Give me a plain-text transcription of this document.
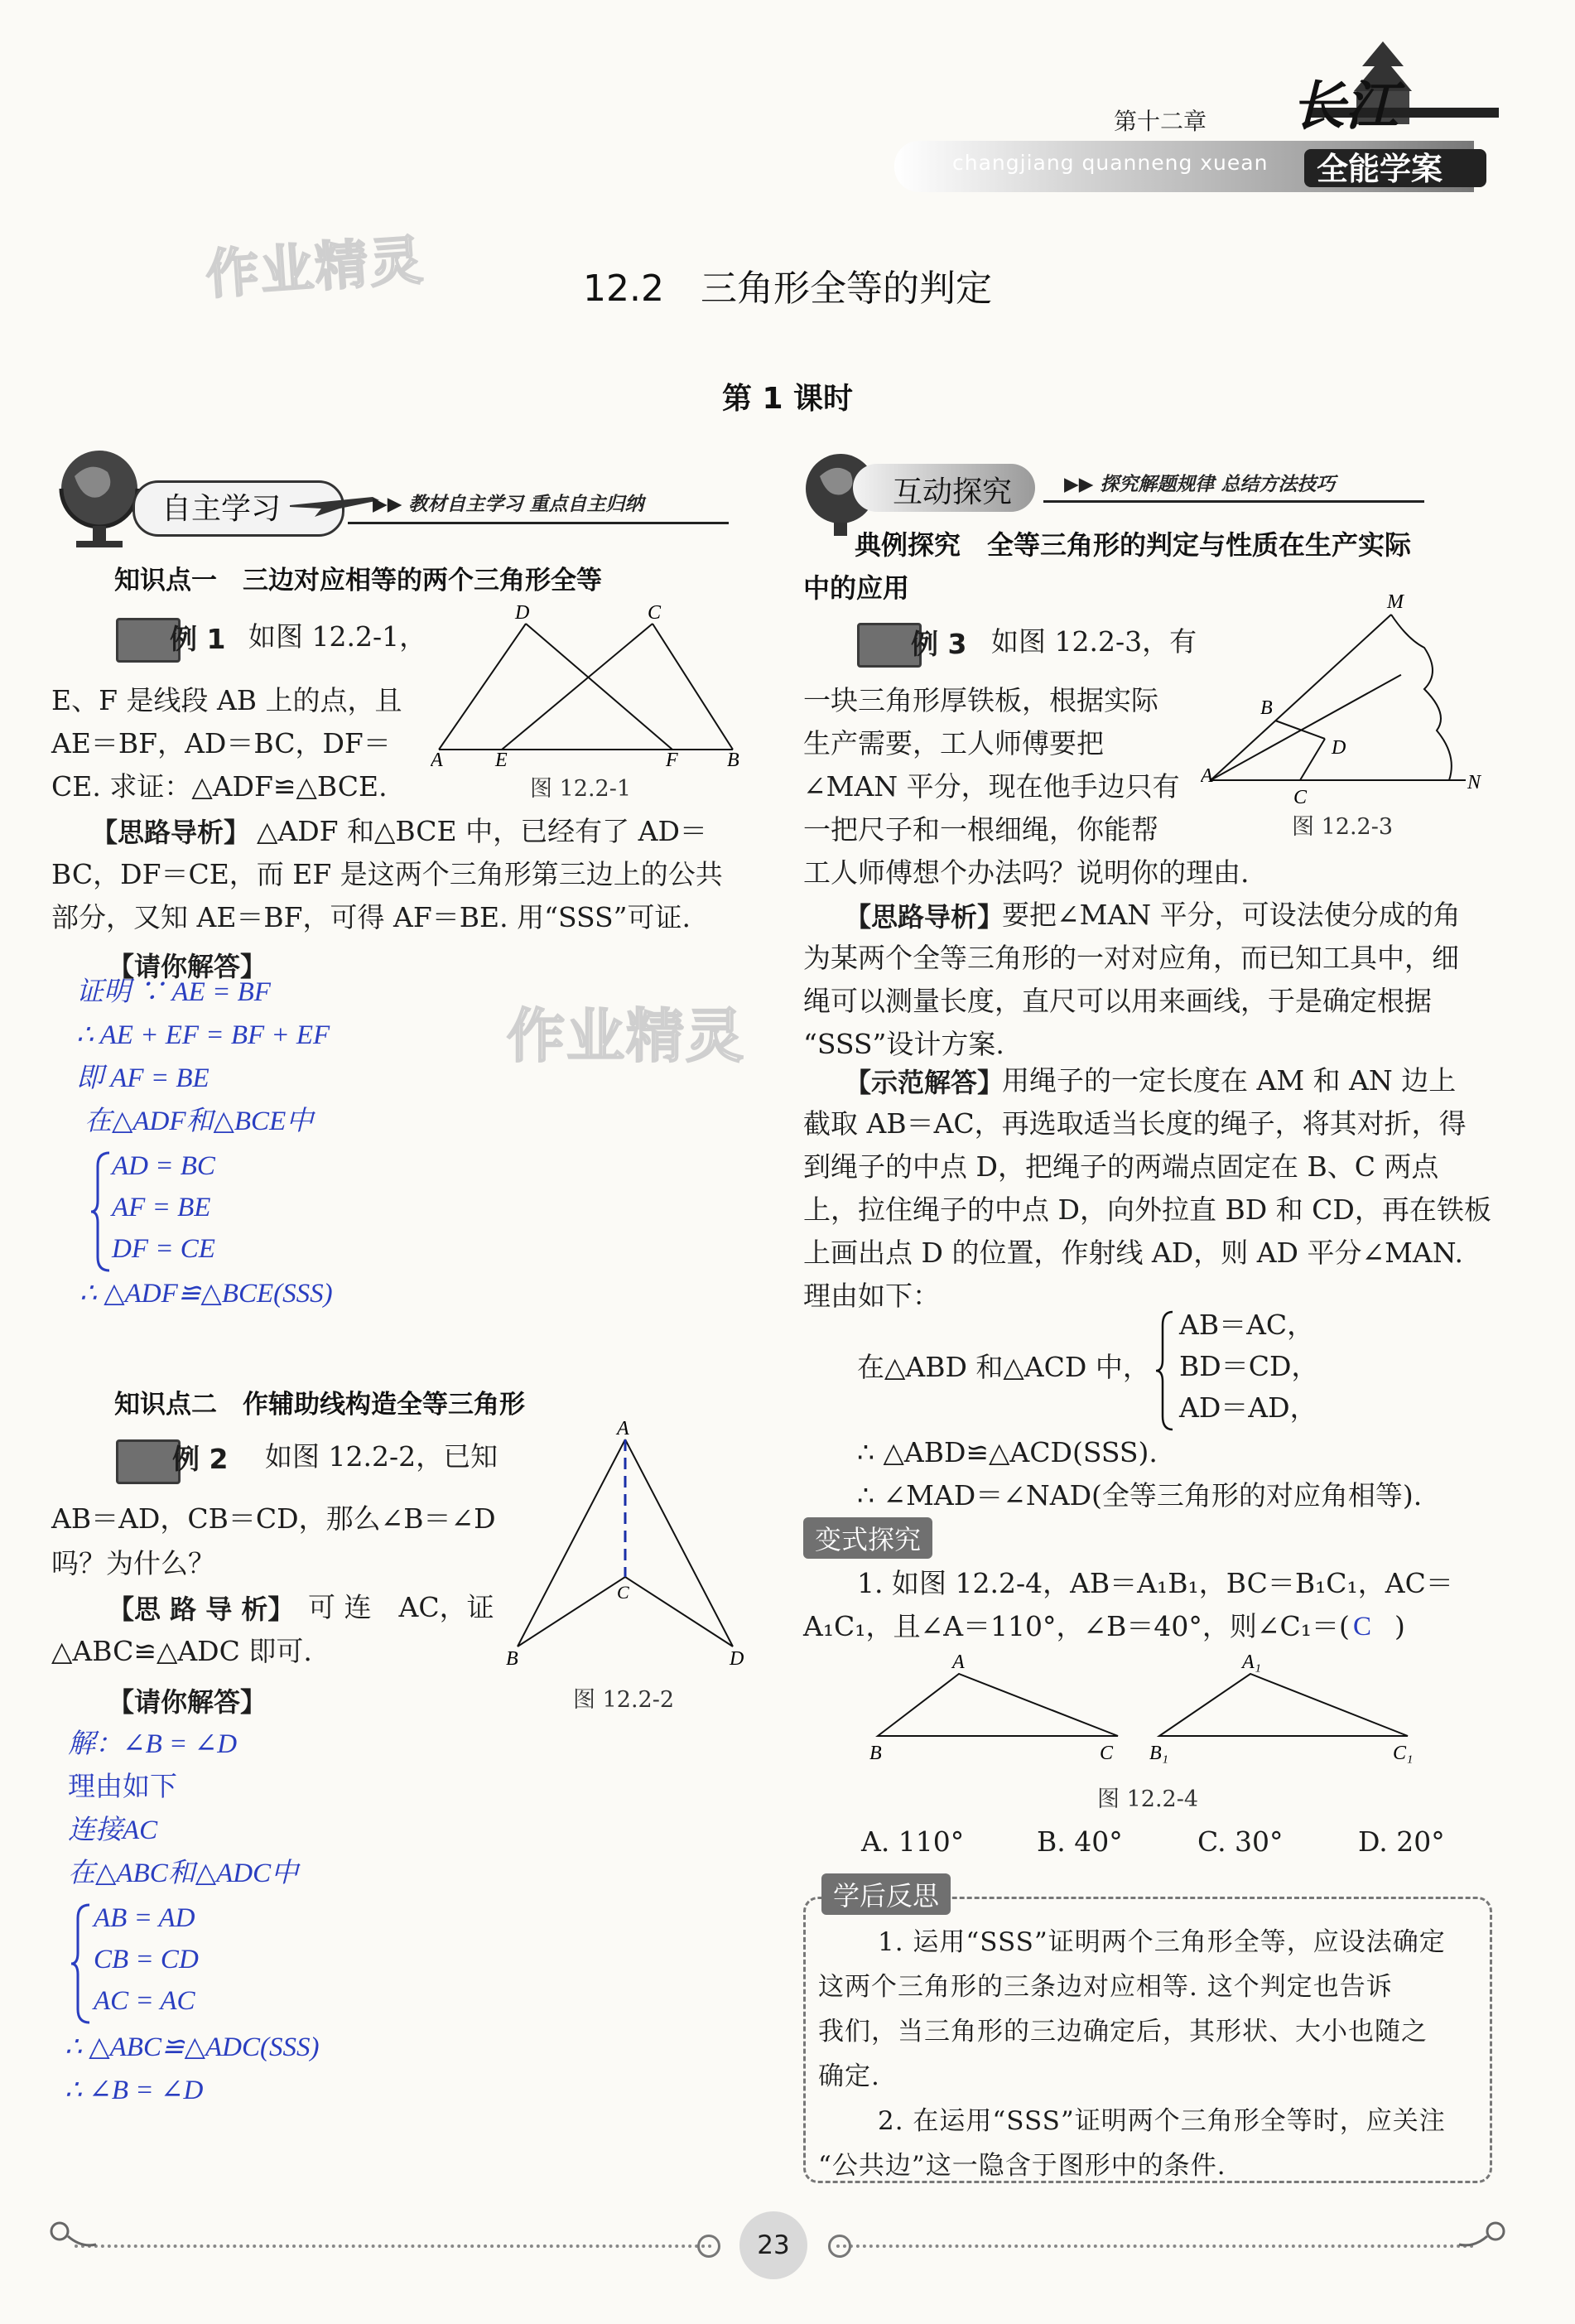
changjiang quanneng xuean
第十二章 长江
全能学案
作业精灵
作业精灵
12.2　三角形全等的判定
第 1 课时
自主学习	▶▶ 教材自主学习 重点自主归纳	互动探究	▶▶ 探究解题规律 总结方法技巧
知识点一　三边对应相等的两个三角形全等
例 1 如图 12.2-1，
E、F 是线段 AB 上的点，且
AE＝BF，AD＝BC，DF＝
CE. 求证：△ADF≌△BCE.
D	C
A	E	F B
图 12.2-1
【思路导析】 △ADF 和△BCE 中，已经有了 AD＝
BC，DF＝CE，而 EF 是这两个三角形第三边上的公共
部分，又知 AE＝BF，可得 AF＝BE. 用“SSS”可证.
【请你解答】
证明 ∵ AE = BF
∴ AE + EF = BF + EF
即 AF = BE
在△ADF和△BCE中
AD = BC
AF = BE
DF = CE
∴ △ADF≌△BCE(SSS)
知识点二　作辅助线构造全等三角形
例 2 如图 12.2-2，已知
AB＝AD，CB＝CD，那么∠B＝∠D
吗？为什么？
【思 路 导 析】 可 连　AC，证
△ABC≌△ADC 即可.
A
C
B	D
图 12.2-2
【请你解答】
解：∠B = ∠D
理由如下
连接AC
在△ABC和△ADC中
AB = AD
CB = CD
AC = AC
∴ △ABC≌△ADC(SSS)
∴ ∠B = ∠D
典例探究　全等三角形的判定与性质在生产实际
中的应用
例 3 如图 12.2-3，有
一块三角形厚铁板，根据实际
生产需要，工人师傅要把
∠MAN 平分，现在他手边只有
一把尺子和一根细绳，你能帮
工人师傅想个办法吗？说明你的理由.
M
B
D
A
C
N
图 12.2-3
【思路导析】
要把∠MAN 平分，可设法使分成的角
为某两个全等三角形的一对对应角，而已知工具中，细
绳可以测量长度，直尺可以用来画线，于是确定根据
“SSS”设计方案.
【示范解答】
用绳子的一定长度在 AM 和 AN 边上
截取 AB＝AC，再选取适当长度的绳子，将其对折，得
到绳子的中点 D，把绳子的两端点固定在 B、C 两点
上，拉住绳子的中点 D，向外拉直 BD 和 CD，再在铁板
上画出点 D 的位置，作射线 AD，则 AD 平分∠MAN.
理由如下：
在△ABD 和△ACD 中，
AB＝AC，
BD＝CD，
AD＝AD，
∴ △ABD≌△ACD(SSS).
∴ ∠MAD＝∠NAD(全等三角形的对应角相等).
变式探究
1. 如图 12.2-4，AB＝A₁B₁，BC＝B₁C₁，AC＝
A₁C₁，且∠A＝110°，∠B＝40°，则∠C₁＝( C )
A
B	C
A₁
B₁	C₁
图 12.2-4
A. 110°	B. 40°	C. 30°	D. 20°
学后反思
1. 运用“SSS”证明两个三角形全等，应设法确定
这两个三角形的三条边对应相等. 这个判定也告诉
我们，当三角形的三边确定后，其形状、大小也随之
确定.
2. 在运用“SSS”证明两个三角形全等时，应关注
“公共边”这一隐含于图形中的条件.
23
